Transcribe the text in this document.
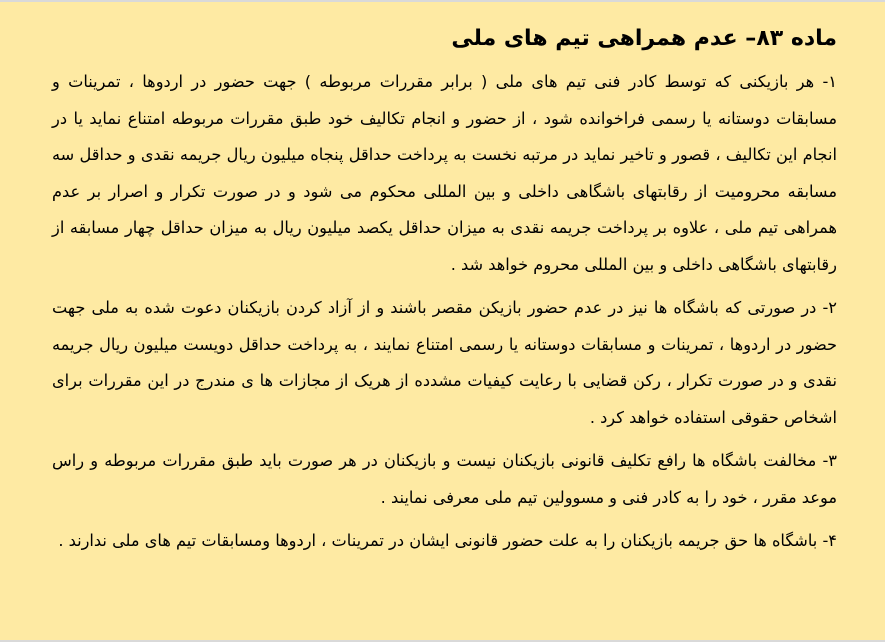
ماده ۸۳– عدم همراهی تیم های ملی

۱- هر بازیکنی که توسط کادر فنی تیم های ملی ( برابر مقررات مربوطه ) جهت حضور در اردوها ، تمرینات و مسابقات دوستانه یا رسمی فراخوانده شود ، از حضور و انجام تکالیف خود طبق مقررات مربوطه امتناع نماید یا در انجام این تکالیف ، قصور و تاخیر نماید در مرتبه نخست به پرداخت حداقل پنجاه میلیون ریال جریمه نقدی و حداقل سه مسابقه محرومیت از رقابتهای باشگاهی داخلی و بین المللی محکوم می شود و در صورت تکرار و اصرار بر عدم همراهی تیم ملی ، علاوه بر پرداخت جریمه نقدی به میزان حداقل یکصد میلیون ریال به میزان حداقل چهار مسابقه از رقابتهای باشگاهی داخلی و بین المللی محروم خواهد شد .

۲- در صورتی که باشگاه ها نیز در عدم حضور بازیکن مقصر باشند و از آزاد کردن بازیکنان دعوت شده به ملی جهت حضور در اردوها ، تمرینات و مسابقات دوستانه یا رسمی امتناع نمایند ، به پرداخت حداقل دویست میلیون ریال جریمه نقدی و در صورت تکرار ، رکن قضایی با رعایت کیفیات مشدده از هریک از مجازات ها ی مندرج در این مقررات برای اشخاص حقوقی استفاده خواهد کرد .

۳- مخالفت باشگاه ها رافع تکلیف قانونی بازیکنان نیست و بازیکنان در هر صورت باید طبق مقررات مربوطه و راس موعد مقرر ، خود را به کادر فنی و مسوولین تیم ملی معرفی نمایند .

۴- باشگاه ها حق جریمه بازیکنان را به علت حضور قانونی ایشان در تمرینات ، اردوها ومسابقات تیم های ملی ندارند .
